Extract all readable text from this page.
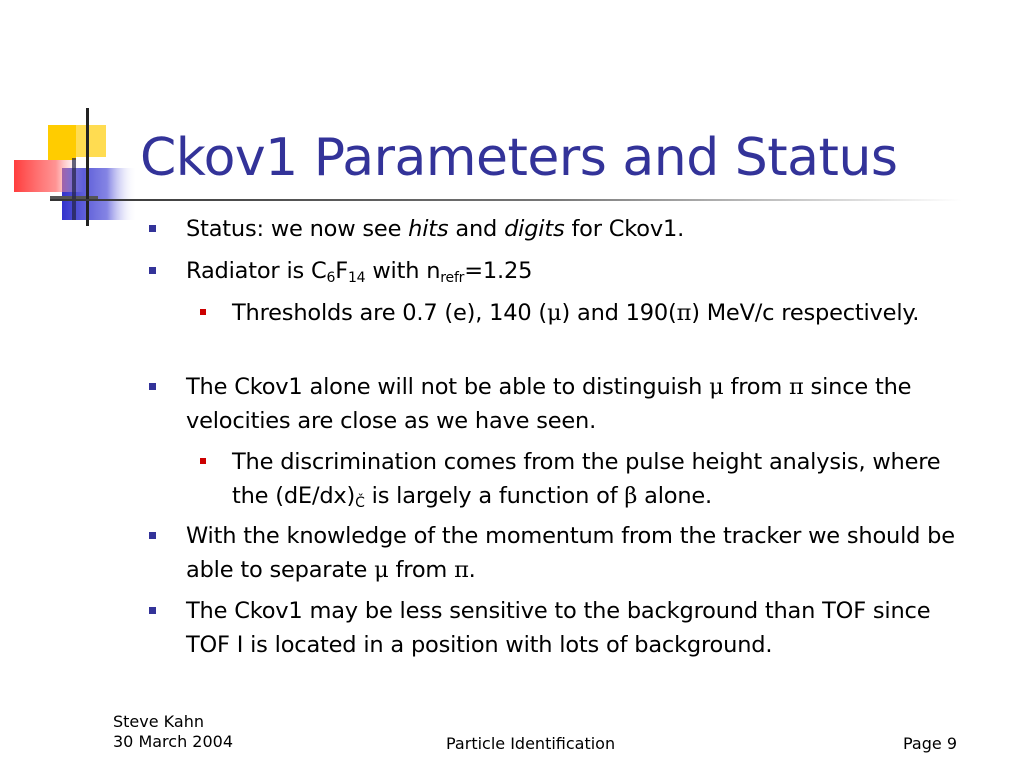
Ckov1 Parameters and Status
Status: we now see hits and digits for Ckov1.
Radiator is $C_6F_{14}$ with $n_{refr}=1.25$
Thresholds are 0.7 (e), 140 (μ) and 190(π) MeV/c respectively.
The Ckov1 alone will not be able to distinguish μ from π since the velocities are close as we have seen.
The discrimination comes from the pulse height analysis, where the $(dE/dx)_Č$ is largely a function of β alone.
With the knowledge of the momentum from the tracker we should be able to separate μ from π.
The Ckov1 may be less sensitive to the background than TOF since TOF I is located in a position with lots of background.
Steve Kahn
30 March 2004	Particle Identification	Page 9
